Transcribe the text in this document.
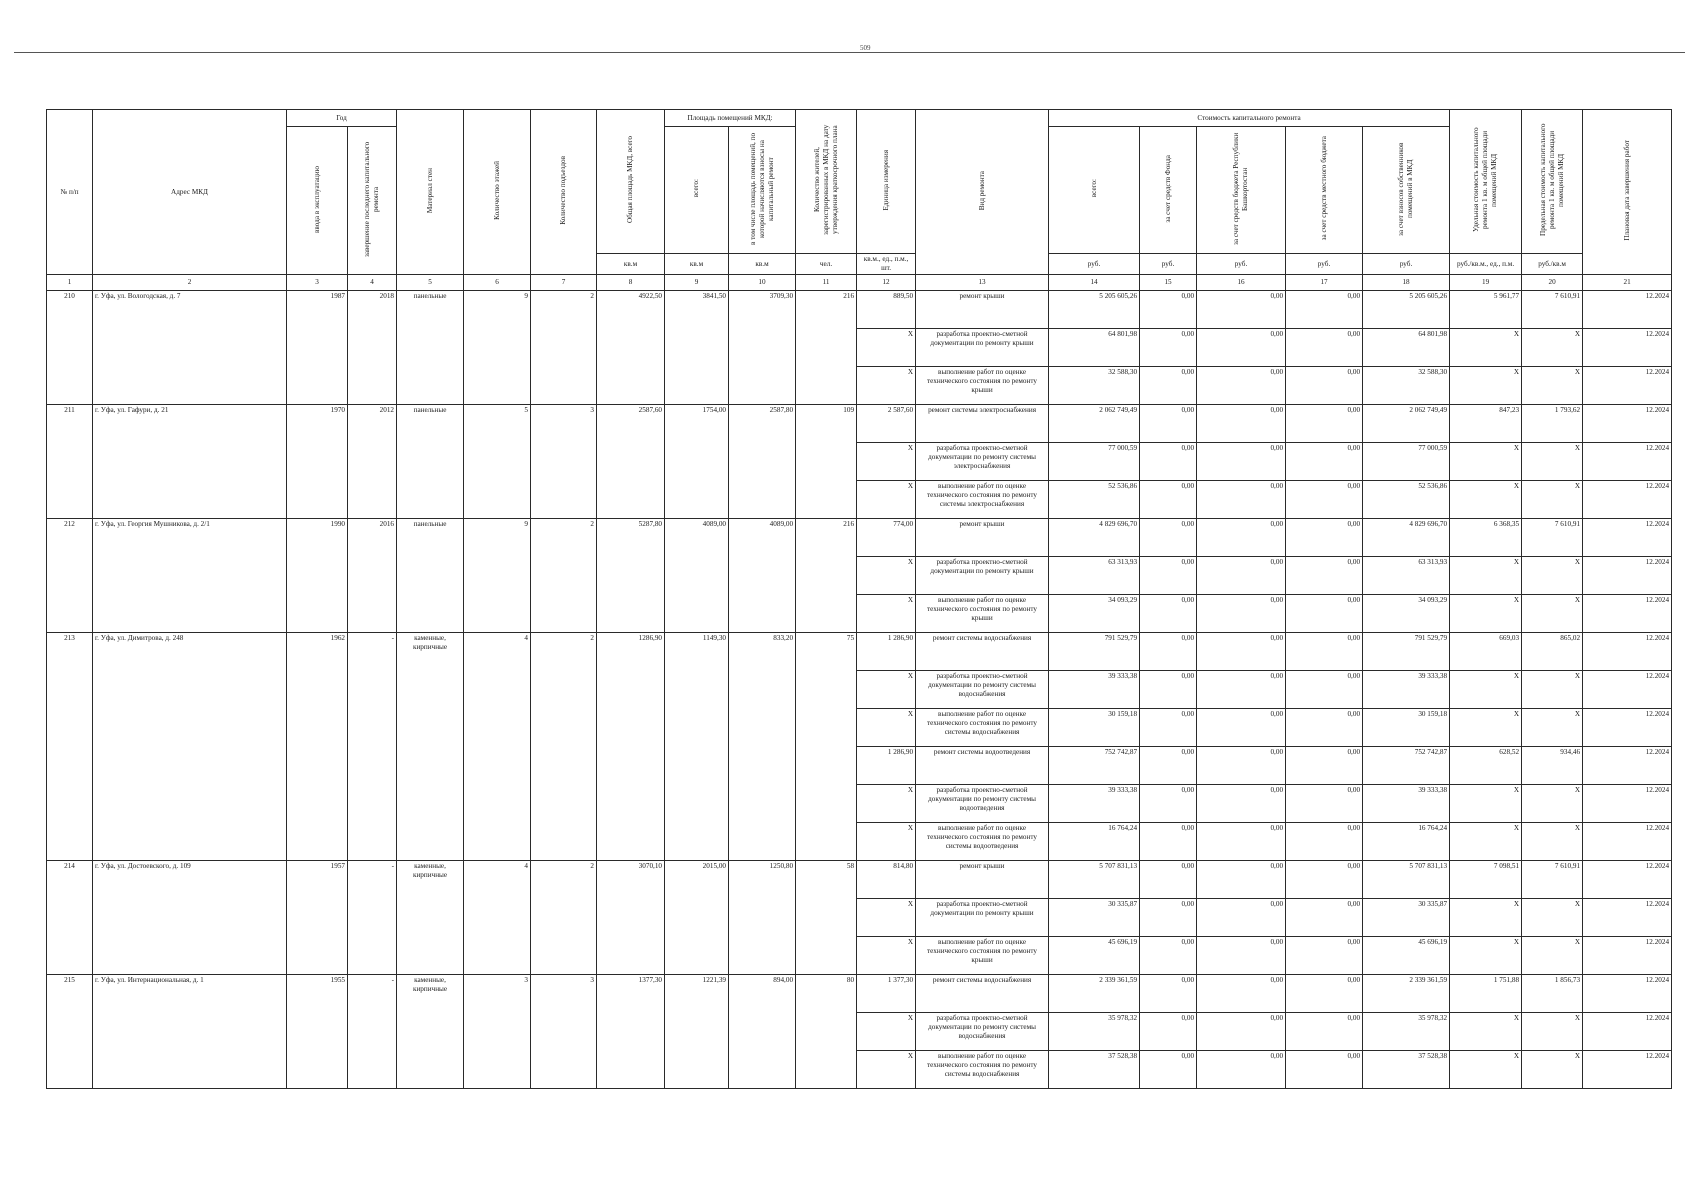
509
№ п/п	Адрес МКД	Год		Материал стен	Количество этажей	Количество подъездов	Общая площадь МКД, всего	Площадь помещений МКД:		Количество жителей, зарегистрированных в МКД на дату утверждения краткосрочного плана	Единица измерения	Вид ремонта	Стоимость капитального ремонта					Удельная стоимость капитального ремонта 1 кв. м общей площади помещений МКД	Предельная стоимость капитального ремонта 1 кв. м общей площади помещений МКД	Плановая дата завершения работ
		ввода в эксплуатацию	завершение последнего капитального ремонта					всего:	в том числе площадь помещений, по которой начисляются взносы на капитальный ремонт				всего:	за счет средств Фонда	за счет средств бюджета Республики Башкортостан	за счет средств местного бюджета	за счет взносов собственников помещений в МКД			
							кв.м	кв.м	кв.м	чел.	кв.м., ед., п.м., шт.		руб.	руб.	руб.	руб.	руб.	руб./кв.м., ед., п.м.	руб./кв.м	
1	2	3	4	5	6	7	8	9	10	11	12	13	14	15	16	17	18	19	20	21
210	г. Уфа, ул. Вологодская, д. 7	1987	2018	панельные	9	2	4922,50	3841,50	3709,30	216	889,50	ремонт крыши	5 205 605,26	0,00	0,00	0,00	5 205 605,26	5 961,77	7 610,91	12.2024
											X	разработка проектно-сметной документации по ремонту крыши	64 801,98	0,00	0,00	0,00	64 801,98	X	X	12.2024
											X	выполнение работ по оценке технического состояния по ремонту крыши	32 588,30	0,00	0,00	0,00	32 588,30	X	X	12.2024
211	г. Уфа, ул. Гафури, д. 21	1970	2012	панельные	5	3	2587,60	1754,00	2587,80	109	2 587,60	ремонт системы электроснабжения	2 062 749,49	0,00	0,00	0,00	2 062 749,49	847,23	1 793,62	12.2024
											X	разработка проектно-сметной документации по ремонту системы электроснабжения	77 000,59	0,00	0,00	0,00	77 000,59	X	X	12.2024
											X	выполнение работ по оценке технического состояния по ремонту системы электроснабжения	52 536,86	0,00	0,00	0,00	52 536,86	X	X	12.2024
212	г. Уфа, ул. Георгия Мушникова, д. 2/1	1990	2016	панельные	9	2	5287,80	4089,00	4089,00	216	774,00	ремонт крыши	4 829 696,70	0,00	0,00	0,00	4 829 696,70	6 368,35	7 610,91	12.2024
											X	разработка проектно-сметной документации по ремонту крыши	63 313,93	0,00	0,00	0,00	63 313,93	X	X	12.2024
											X	выполнение работ по оценке технического состояния по ремонту крыши	34 093,29	0,00	0,00	0,00	34 093,29	X	X	12.2024
213	г. Уфа, ул. Димитрова, д. 248	1962	-	каменные, кирпичные	4	2	1286,90	1149,30	833,20	75	1 286,90	ремонт системы водоснабжения	791 529,79	0,00	0,00	0,00	791 529,79	669,03	865,02	12.2024
											X	разработка проектно-сметной документации по ремонту системы водоснабжения	39 333,38	0,00	0,00	0,00	39 333,38	X	X	12.2024
											X	выполнение работ по оценке технического состояния по ремонту системы водоснабжения	30 159,18	0,00	0,00	0,00	30 159,18	X	X	12.2024
											1 286,90	ремонт системы водоотведения	752 742,87	0,00	0,00	0,00	752 742,87	628,52	934,46	12.2024
											X	разработка проектно-сметной документации по ремонту системы водоотведения	39 333,38	0,00	0,00	0,00	39 333,38	X	X	12.2024
											X	выполнение работ по оценке технического состояния по ремонту системы водоотведения	16 764,24	0,00	0,00	0,00	16 764,24	X	X	12.2024
214	г. Уфа, ул. Достоевского, д. 109	1957	-	каменные, кирпичные	4	2	3070,10	2015,00	1250,80	58	814,80	ремонт крыши	5 707 831,13	0,00	0,00	0,00	5 707 831,13	7 098,51	7 610,91	12.2024
											X	разработка проектно-сметной документации по ремонту крыши	30 335,87	0,00	0,00	0,00	30 335,87	X	X	12.2024
											X	выполнение работ по оценке технического состояния по ремонту крыши	45 696,19	0,00	0,00	0,00	45 696,19	X	X	12.2024
215	г. Уфа, ул. Интернациональная, д. 1	1955	-	каменные, кирпичные	3	3	1377,30	1221,39	894,00	80	1 377,30	ремонт системы водоснабжения	2 339 361,59	0,00	0,00	0,00	2 339 361,59	1 751,88	1 856,73	12.2024
											X	разработка проектно-сметной документации по ремонту системы водоснабжения	35 978,32	0,00	0,00	0,00	35 978,32	X	X	12.2024
											X	выполнение работ по оценке технического состояния по ремонту системы водоснабжения	37 528,38	0,00	0,00	0,00	37 528,38	X	X	12.2024
